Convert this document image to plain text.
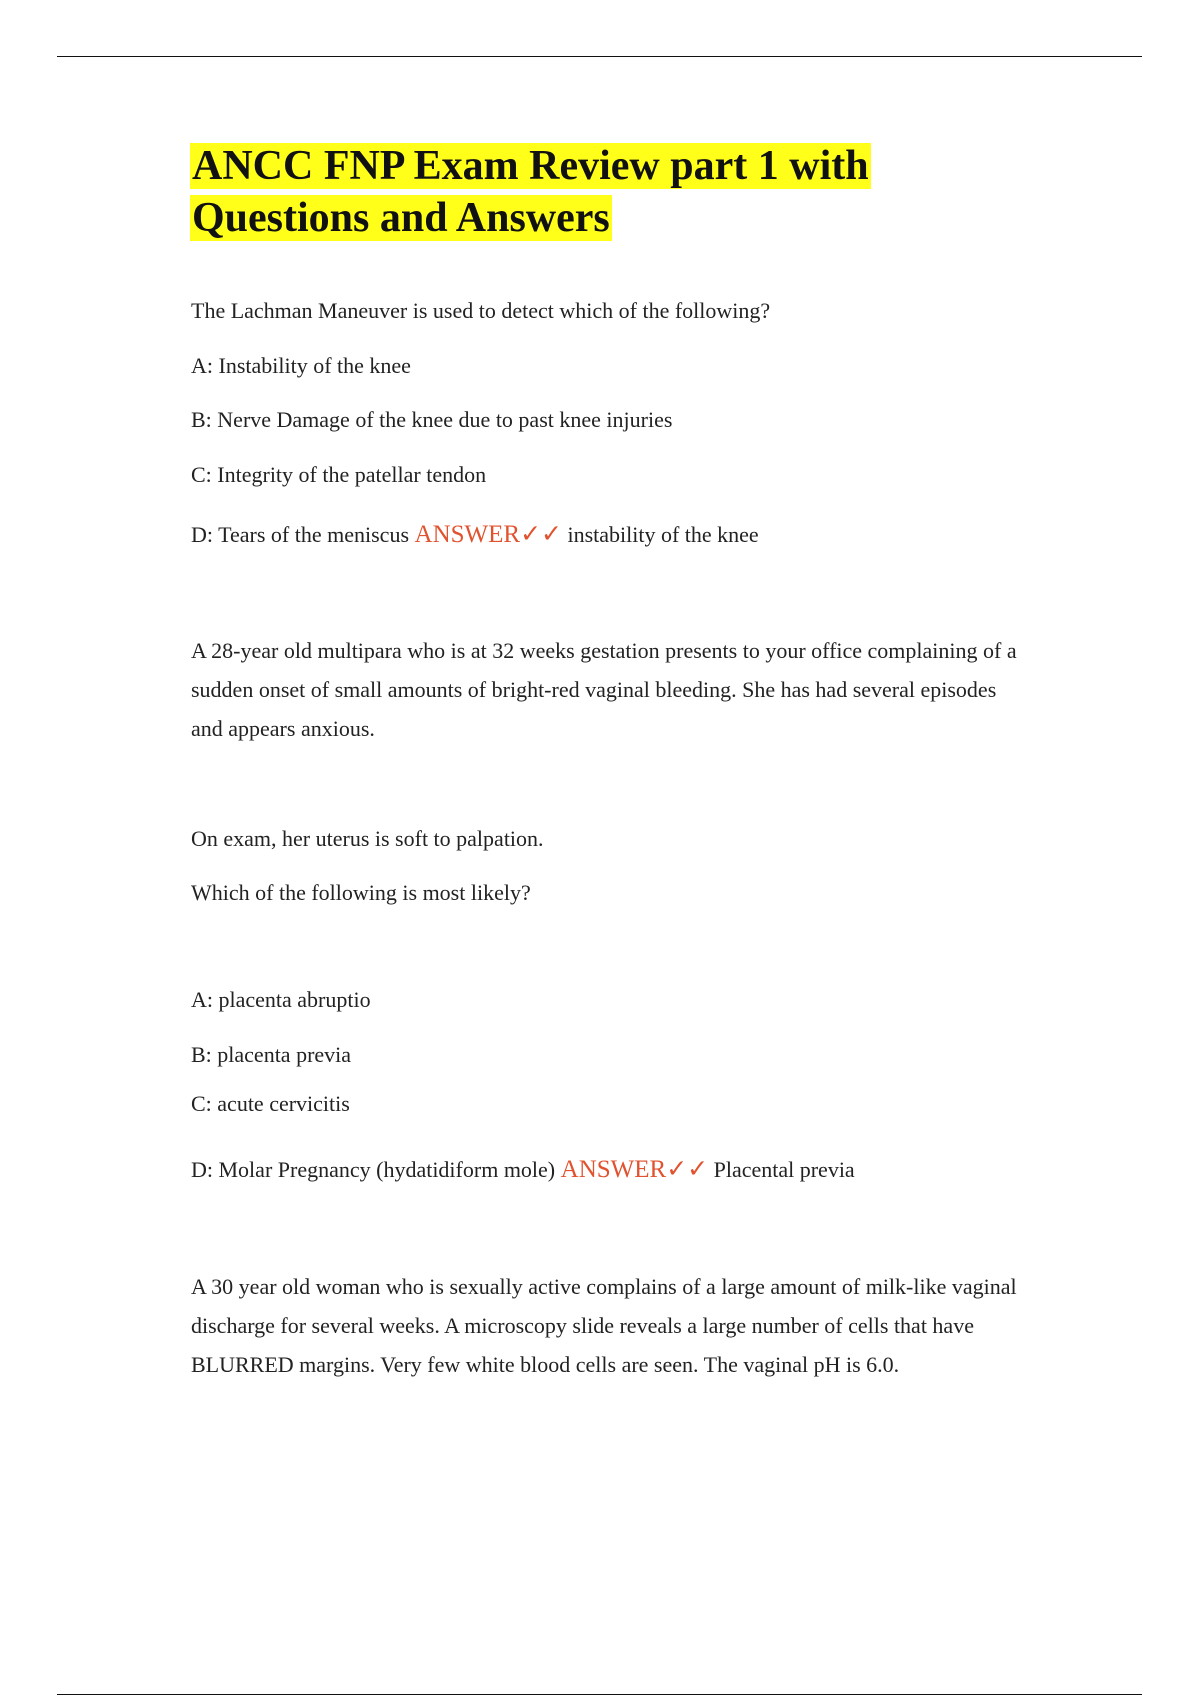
ANCC FNP Exam Review part 1 with
Questions and Answers

The Lachman Maneuver is used to detect which of the following?

A: Instability of the knee

B: Nerve Damage of the knee due to past knee injuries

C: Integrity of the patellar tendon

D: Tears of the meniscus ANSWER✓✓ instability of the knee

A 28-year old multipara who is at 32 weeks gestation presents to your office complaining of a
sudden onset of small amounts of bright-red vaginal bleeding. She has had several episodes
and appears anxious.

On exam, her uterus is soft to palpation.

Which of the following is most likely?

A: placenta abruptio

B: placenta previa

C: acute cervicitis

D: Molar Pregnancy (hydatidiform mole) ANSWER✓✓ Placental previa

A 30 year old woman who is sexually active complains of a large amount of milk-like vaginal
discharge for several weeks. A microscopy slide reveals a large number of cells that have
BLURRED margins. Very few white blood cells are seen. The vaginal pH is 6.0.
